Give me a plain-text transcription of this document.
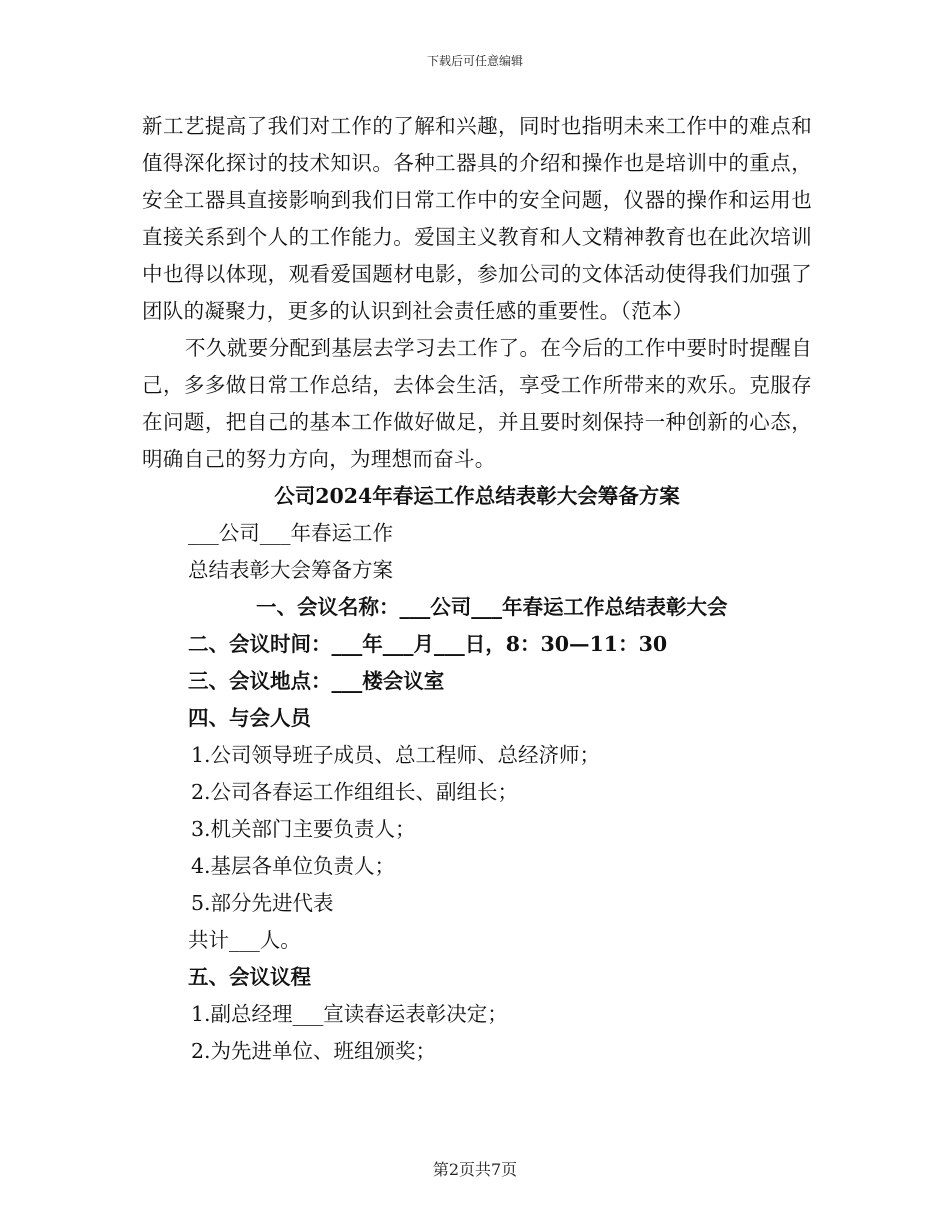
下载后可任意编辑

新工艺提高了我们对工作的了解和兴趣，同时也指明未来工作中的难点和值得深化探讨的技术知识。各种工器具的介绍和操作也是培训中的重点，安全工器具直接影响到我们日常工作中的安全问题，仪器的操作和运用也直接关系到个人的工作能力。爱国主义教育和人文精神教育也在此次培训中也得以体现，观看爱国题材电影，参加公司的文体活动使得我们加强了团队的凝聚力，更多的认识到社会责任感的重要性。（范本）

不久就要分配到基层去学习去工作了。在今后的工作中要时时提醒自己，多多做日常工作总结，去体会生活，享受工作所带来的欢乐。克服存在问题，把自己的基本工作做好做足，并且要时刻保持一种创新的心态，明确自己的努力方向，为理想而奋斗。

公司2024年春运工作总结表彰大会筹备方案

___公司___年春运工作

总结表彰大会筹备方案

一、会议名称：___公司___年春运工作总结表彰大会

二、会议时间：___年___月___日，8：30—11：30

三、会议地点：___楼会议室

四、与会人员

1.公司领导班子成员、总工程师、总经济师；

2.公司各春运工作组组长、副组长；

3.机关部门主要负责人；

4.基层各单位负责人；

5.部分先进代表

共计___人。

五、会议议程

1.副总经理___宣读春运表彰决定；

2.为先进单位、班组颁奖；

第2页共7页
